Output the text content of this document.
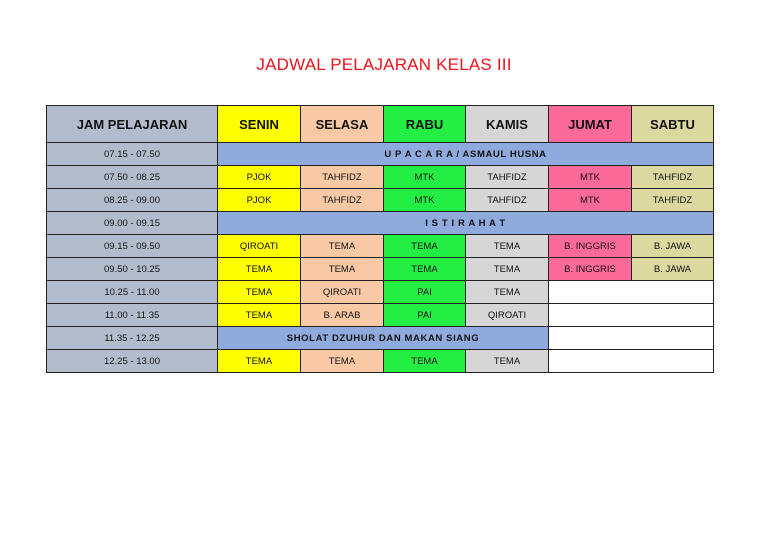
JADWAL PELAJARAN KELAS III
JAM PELAJARAN	SENIN	SELASA	RABU	KAMIS	JUMAT	SABTU
07.15 - 07.50	U P A C A R A / ASMAUL HUSNA					
07.50 - 08.25	PJOK	TAHFIDZ	MTK	TAHFIDZ	MTK	TAHFIDZ
08.25 - 09.00	PJOK	TAHFIDZ	MTK	TAHFIDZ	MTK	TAHFIDZ
09.00 - 09.15	I S T I R A H A T					
09.15 - 09.50	QIROATI	TEMA	TEMA	TEMA	B. INGGRIS	B. JAWA
09.50 - 10.25	TEMA	TEMA	TEMA	TEMA	B. INGGRIS	B. JAWA
10.25 - 11.00	TEMA	QIROATI	PAI	TEMA		
11.00 - 11.35	TEMA	B. ARAB	PAI	QIROATI		
11.35 - 12.25	SHOLAT DZUHUR DAN MAKAN SIANG					
12.25 - 13.00	TEMA	TEMA	TEMA	TEMA		
